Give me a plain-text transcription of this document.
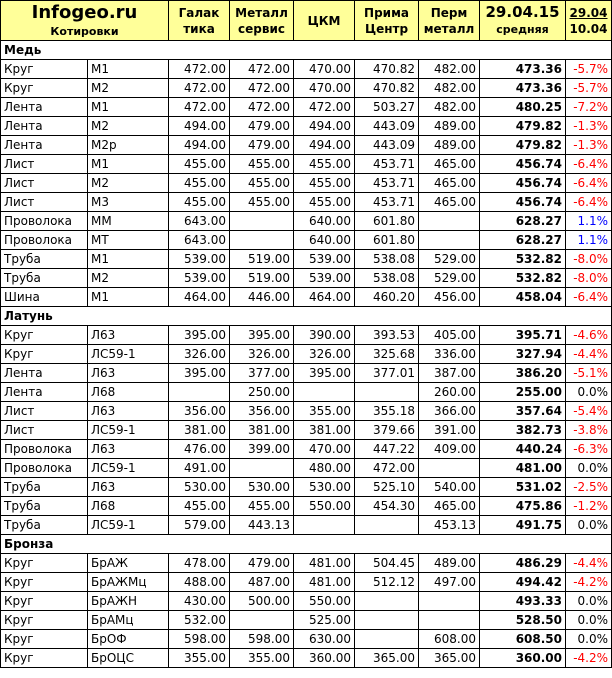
Infogeo.ru
Котировки		Галак
тика	Металл
сервис	ЦКМ	Прима
Центр	Перм
металл	29.04.15
средняя	29.04
10.04
Медь								
Круг	М1	472.00	472.00	470.00	470.82	482.00	473.36	-5.7%
Круг	М2	472.00	472.00	470.00	470.82	482.00	473.36	-5.7%
Лента	М1	472.00	472.00	472.00	503.27	482.00	480.25	-7.2%
Лента	М2	494.00	479.00	494.00	443.09	489.00	479.82	-1.3%
Лента	М2р	494.00	479.00	494.00	443.09	489.00	479.82	-1.3%
Лист	М1	455.00	455.00	455.00	453.71	465.00	456.74	-6.4%
Лист	М2	455.00	455.00	455.00	453.71	465.00	456.74	-6.4%
Лист	М3	455.00	455.00	455.00	453.71	465.00	456.74	-6.4%
Проволока	ММ	643.00		640.00	601.80		628.27	1.1%
Проволока	МТ	643.00		640.00	601.80		628.27	1.1%
Труба	М1	539.00	519.00	539.00	538.08	529.00	532.82	-8.0%
Труба	М2	539.00	519.00	539.00	538.08	529.00	532.82	-8.0%
Шина	М1	464.00	446.00	464.00	460.20	456.00	458.04	-6.4%
Латунь								
Круг	Л63	395.00	395.00	390.00	393.53	405.00	395.71	-4.6%
Круг	ЛС59-1	326.00	326.00	326.00	325.68	336.00	327.94	-4.4%
Лента	Л63	395.00	377.00	395.00	377.01	387.00	386.20	-5.1%
Лента	Л68		250.00			260.00	255.00	0.0%
Лист	Л63	356.00	356.00	355.00	355.18	366.00	357.64	-5.4%
Лист	ЛС59-1	381.00	381.00	381.00	379.66	391.00	382.73	-3.8%
Проволока	Л63	476.00	399.00	470.00	447.22	409.00	440.24	-6.3%
Проволока	ЛС59-1	491.00		480.00	472.00		481.00	0.0%
Труба	Л63	530.00	530.00	530.00	525.10	540.00	531.02	-2.5%
Труба	Л68	455.00	455.00	550.00	454.30	465.00	475.86	-1.2%
Труба	ЛС59-1	579.00	443.13			453.13	491.75	0.0%
Бронза								
Круг	БрАЖ	478.00	479.00	481.00	504.45	489.00	486.29	-4.4%
Круг	БрАЖМц	488.00	487.00	481.00	512.12	497.00	494.42	-4.2%
Круг	БрАЖН	430.00	500.00	550.00			493.33	0.0%
Круг	БрАМц	532.00		525.00			528.50	0.0%
Круг	БрОФ	598.00	598.00	630.00		608.00	608.50	0.0%
Круг	БрОЦС	355.00	355.00	360.00	365.00	365.00	360.00	-4.2%
